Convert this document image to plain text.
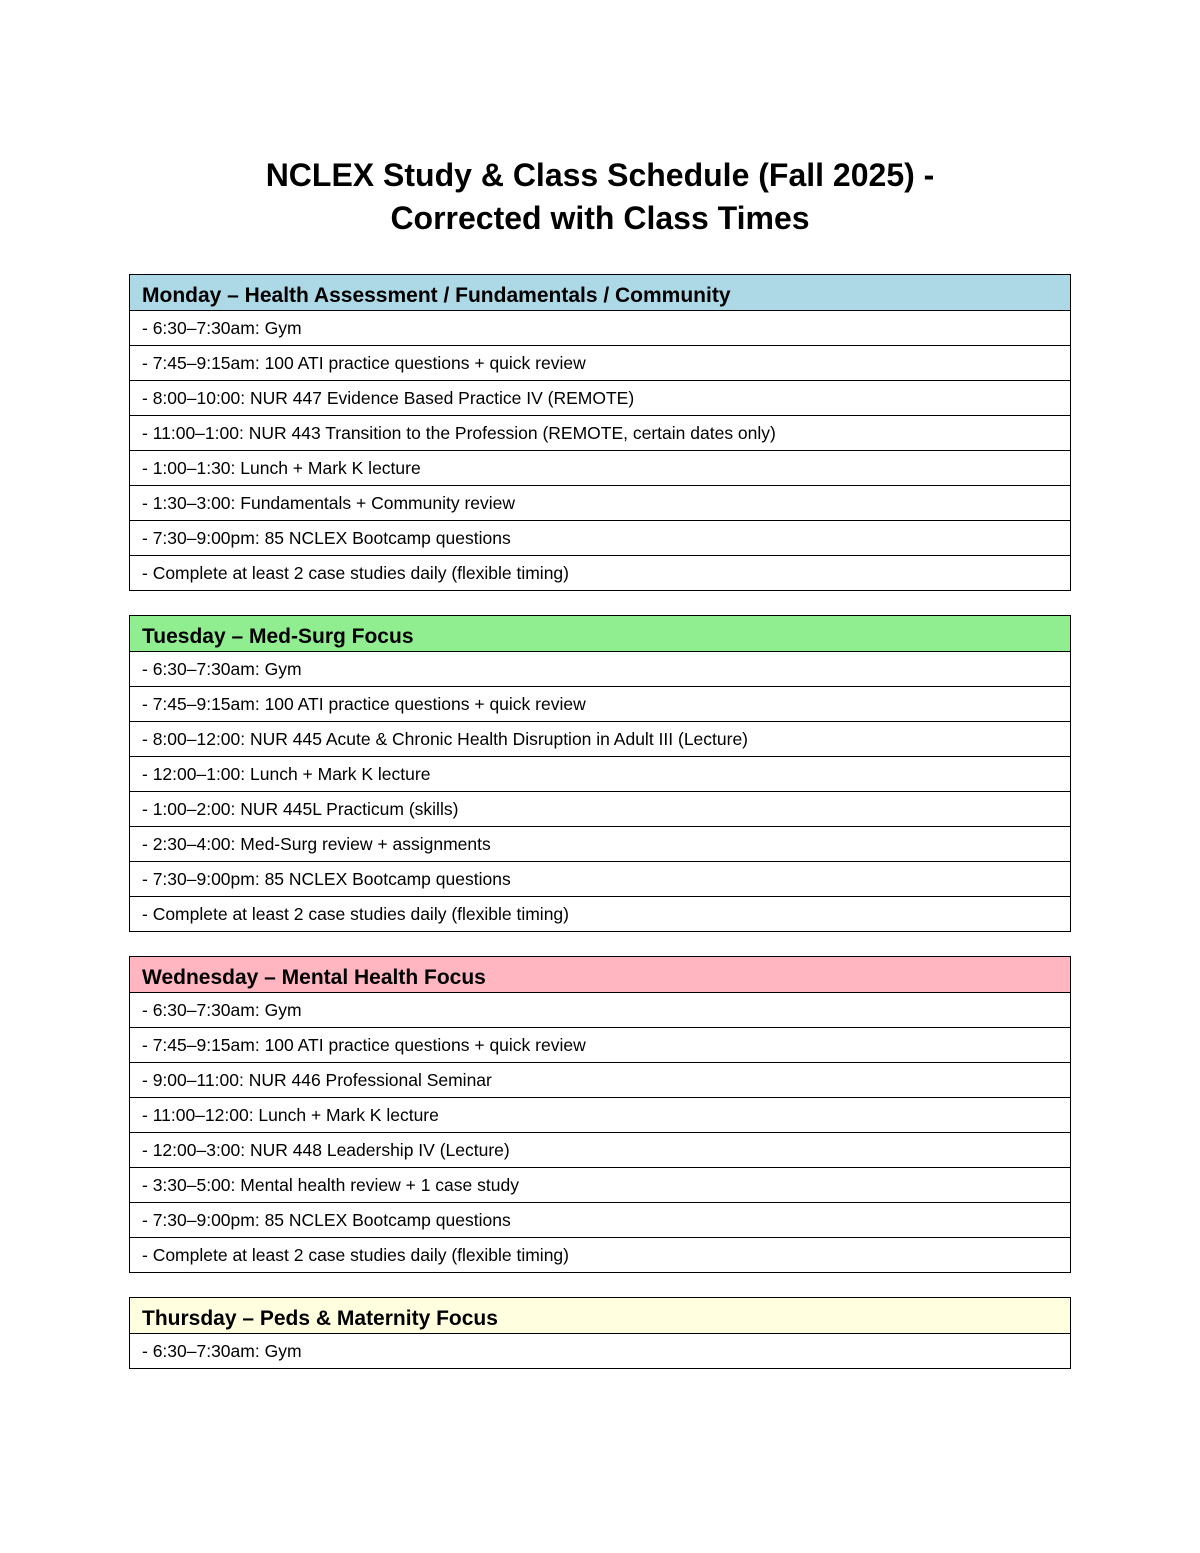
NCLEX Study & Class Schedule (Fall 2025) -
Corrected with Class Times
Monday – Health Assessment / Fundamentals / Community
- 6:30–7:30am: Gym
- 7:45–9:15am: 100 ATI practice questions + quick review
- 8:00–10:00: NUR 447 Evidence Based Practice IV (REMOTE)
- 11:00–1:00: NUR 443 Transition to the Profession (REMOTE, certain dates only)
- 1:00–1:30: Lunch + Mark K lecture
- 1:30–3:00: Fundamentals + Community review
- 7:30–9:00pm: 85 NCLEX Bootcamp questions
- Complete at least 2 case studies daily (flexible timing)
Tuesday – Med-Surg Focus
- 6:30–7:30am: Gym
- 7:45–9:15am: 100 ATI practice questions + quick review
- 8:00–12:00: NUR 445 Acute & Chronic Health Disruption in Adult III (Lecture)
- 12:00–1:00: Lunch + Mark K lecture
- 1:00–2:00: NUR 445L Practicum (skills)
- 2:30–4:00: Med-Surg review + assignments
- 7:30–9:00pm: 85 NCLEX Bootcamp questions
- Complete at least 2 case studies daily (flexible timing)
Wednesday – Mental Health Focus
- 6:30–7:30am: Gym
- 7:45–9:15am: 100 ATI practice questions + quick review
- 9:00–11:00: NUR 446 Professional Seminar
- 11:00–12:00: Lunch + Mark K lecture
- 12:00–3:00: NUR 448 Leadership IV (Lecture)
- 3:30–5:00: Mental health review + 1 case study
- 7:30–9:00pm: 85 NCLEX Bootcamp questions
- Complete at least 2 case studies daily (flexible timing)
Thursday – Peds & Maternity Focus
- 6:30–7:30am: Gym
